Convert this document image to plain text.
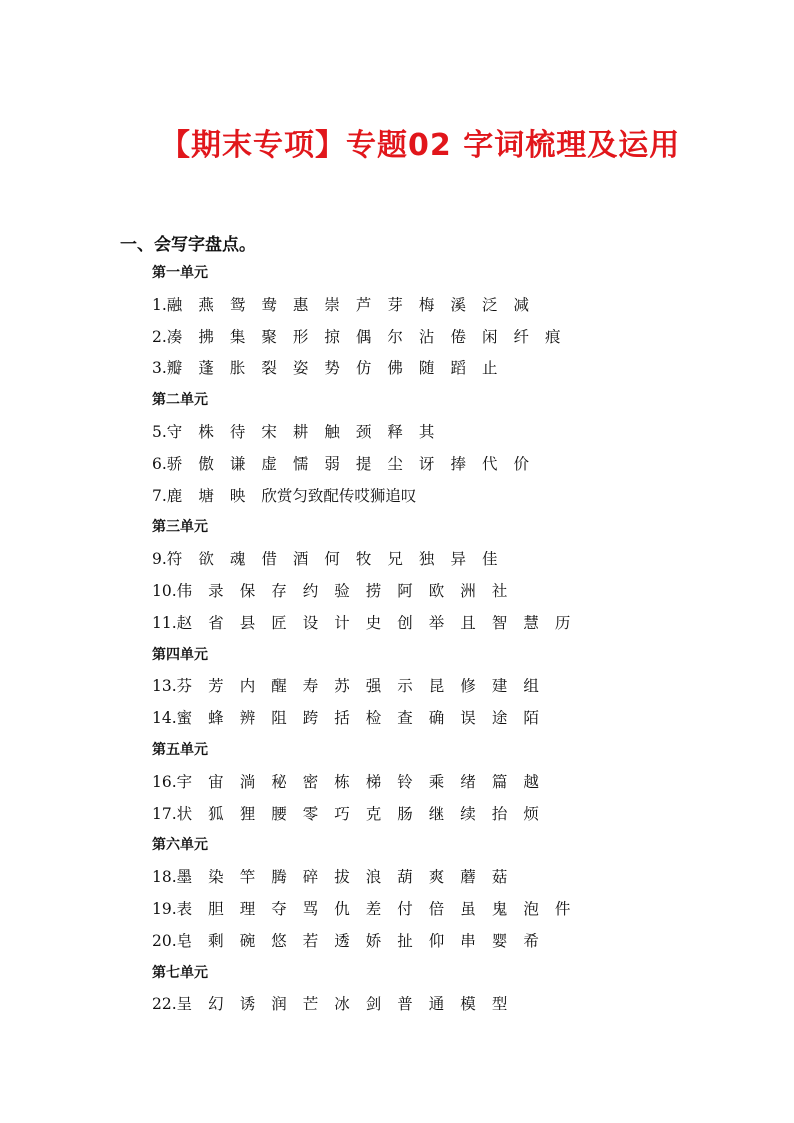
【期末专项】专题02 字词梳理及运用
一、会写字盘点。
第一单元
1.融 燕 鸳 鸯 惠 崇 芦 芽 梅 溪 泛 减
2.凑 拂 集 聚 形 掠 偶 尔 沾 倦 闲 纤 痕
3.瓣 蓬 胀 裂 姿 势 仿 佛 随 蹈 止
第二单元
5.守 株 待 宋 耕 触 颈 释 其
6.骄 傲 谦 虚 懦 弱 提 尘 讶 捧 代 价
7.鹿 塘 映 欣赏匀致配传哎狮追叹
第三单元
9.符 欲 魂 借 酒 何 牧 兄 独 异 佳
10.伟 录 保 存 约 验 捞 阿 欧 洲 社
11.赵 省 县 匠 设 计 史 创 举 且 智 慧 历
第四单元
13.芬 芳 内 醒 寿 苏 强 示 昆 修 建 组
14.蜜 蜂 辨 阻 跨 括 检 查 确 误 途 陌
第五单元
16.宇 宙 淌 秘 密 栋 梯 铃 乘 绪 篇 越
17.状 狐 狸 腰 零 巧 克 肠 继 续 抬 烦
第六单元
18.墨 染 竿 腾 碎 拔 浪 葫 爽 蘑 菇
19.表 胆 理 夺 骂 仇 差 付 倍 虽 鬼 泡 件
20.皂 剩 碗 悠 若 透 娇 扯 仰 串 婴 希
第七单元
22.呈 幻 诱 润 芒 冰 剑 普 通 模 型
